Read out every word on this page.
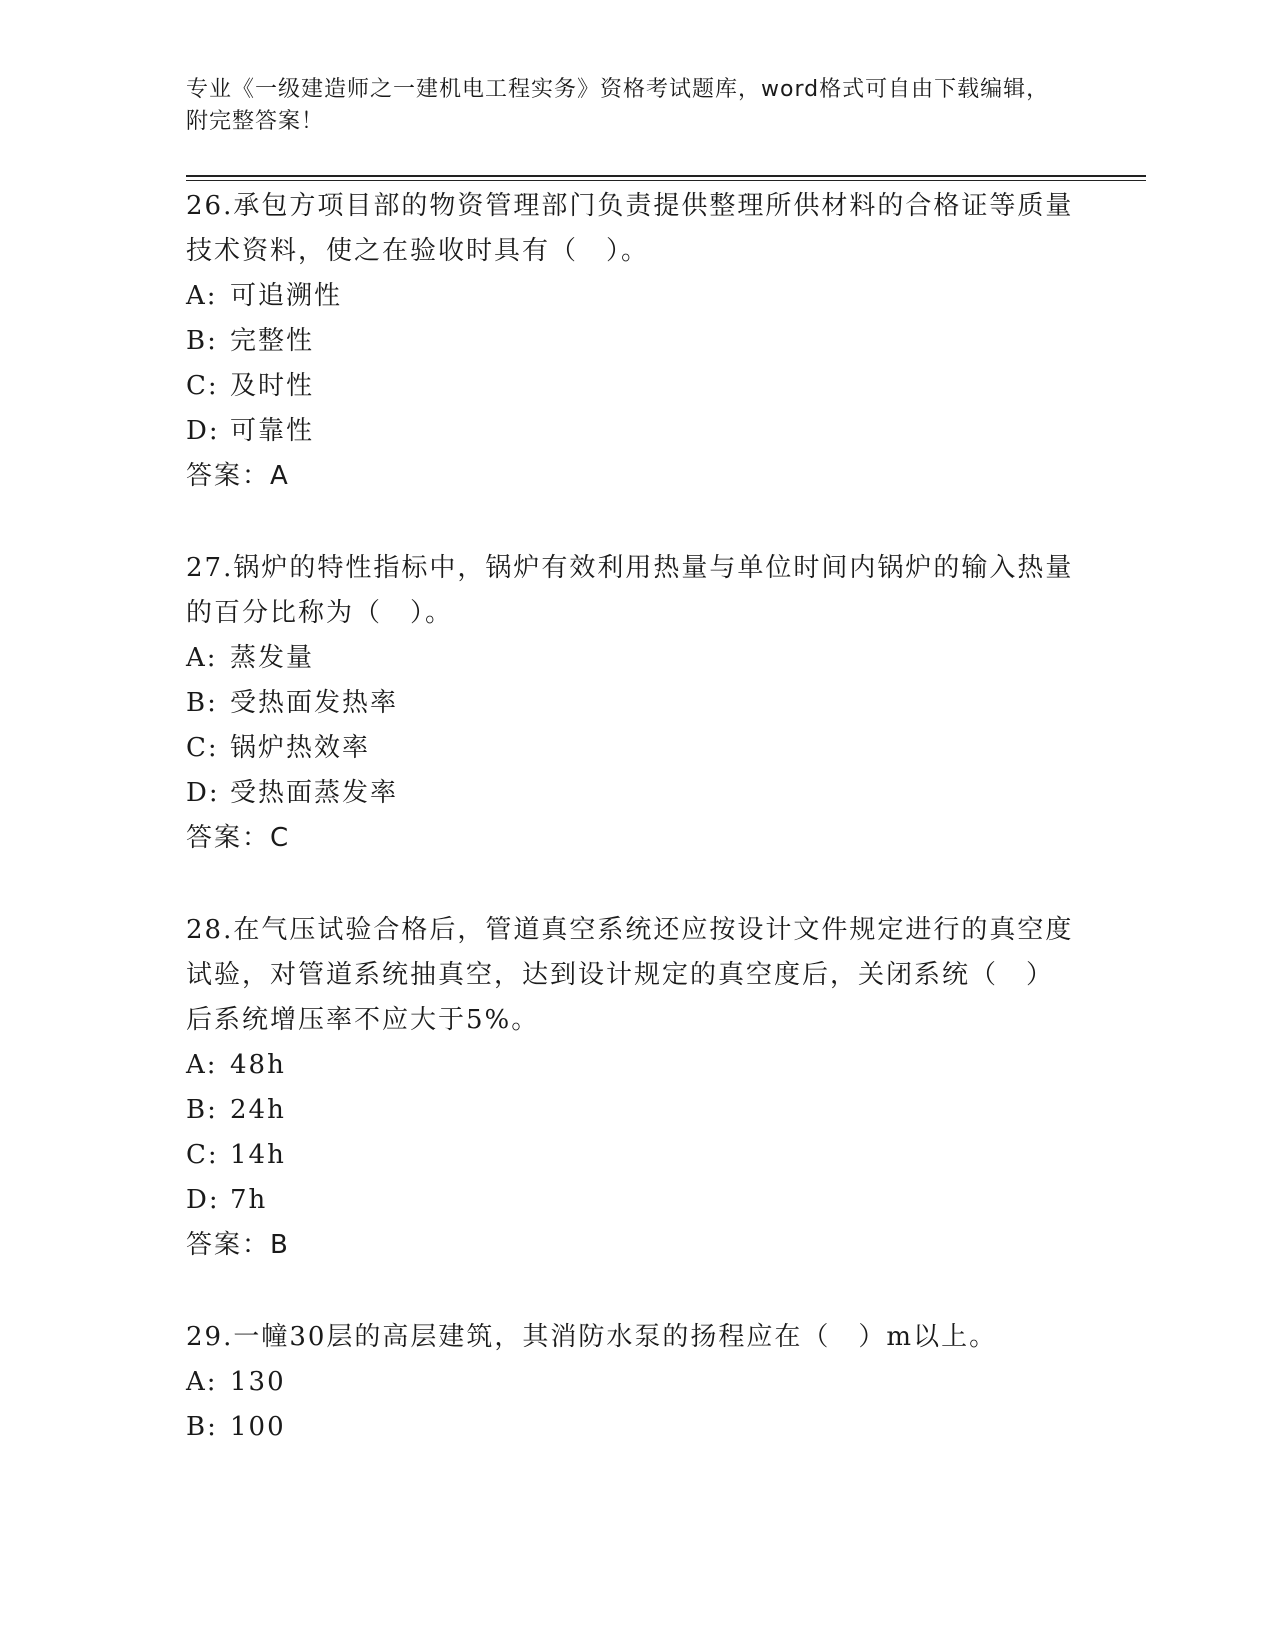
专业《一级建造师之一建机电工程实务》资格考试题库，word格式可自由下载编辑，附完整答案！

26.承包方项目部的物资管理部门负责提供整理所供材料的合格证等质量技术资料，使之在验收时具有（　）。

A: 可追溯性
B: 完整性
C: 及时性
D: 可靠性
答案：A

27.锅炉的特性指标中，锅炉有效利用热量与单位时间内锅炉的输入热量的百分比称为（　）。

A: 蒸发量
B: 受热面发热率
C: 锅炉热效率
D: 受热面蒸发率
答案：C

28.在气压试验合格后，管道真空系统还应按设计文件规定进行的真空度试验，对管道系统抽真空，达到设计规定的真空度后，关闭系统（　）后系统增压率不应大于5%。

A: 48h
B: 24h
C: 14h
D: 7h
答案：B

29.一幢30层的高层建筑，其消防水泵的扬程应在（　）m以上。

A: 130
B: 100
